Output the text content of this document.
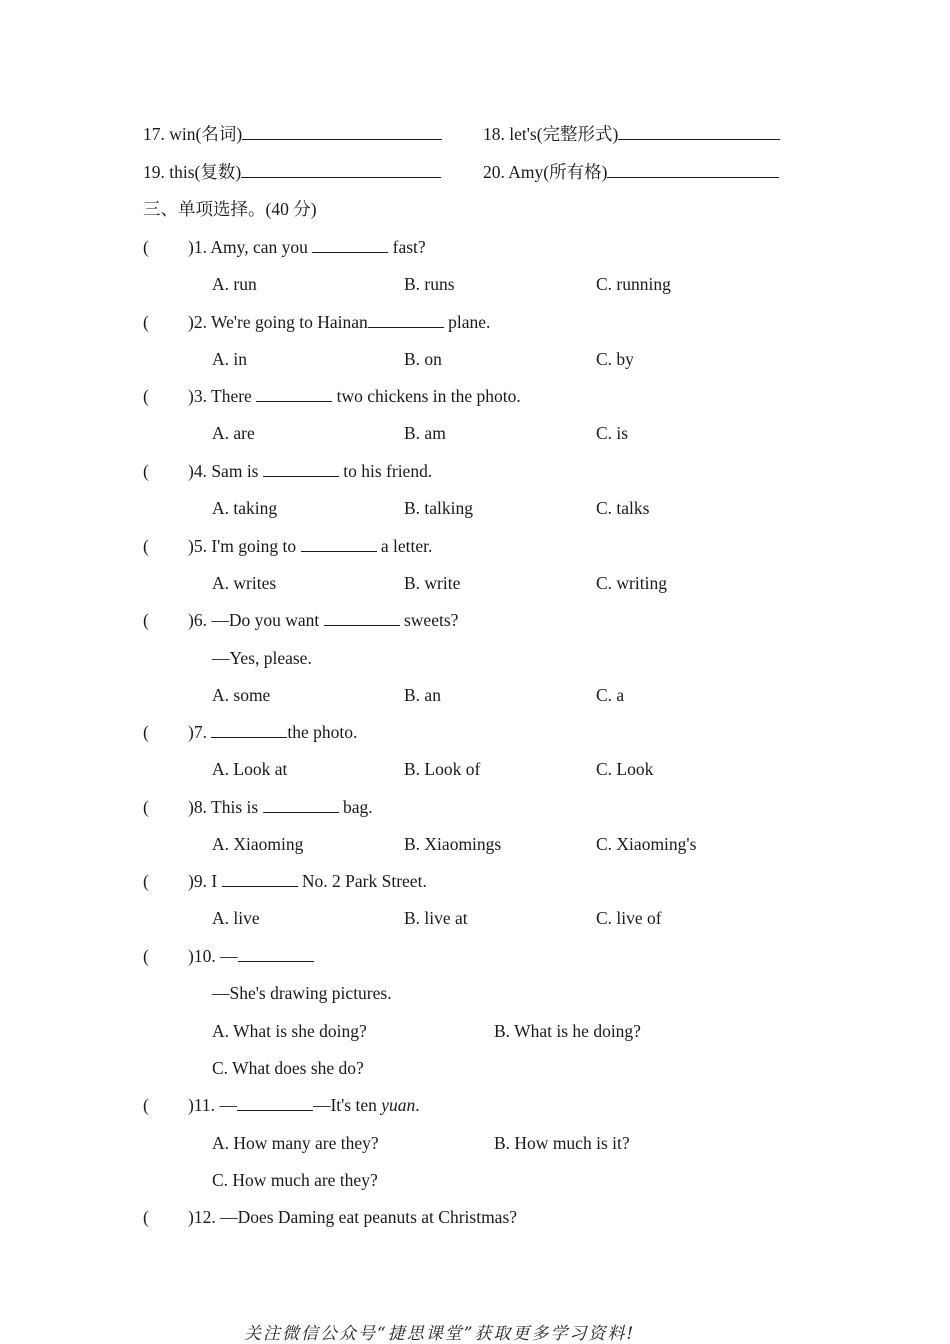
17. win(名词)	18. let's(完整形式)
19. this(复数)	20. Amy(所有格)
三、单项选择。(40 分)
( )1. Amy, can you	fast?
A. run	B. runs	C. running
( )2. We're going to Hainan	plane.
A. in	B. on	C. by
( )3. There	two chickens in the photo.
A. are	B. am	C. is
( )4. Sam is	to his friend.
A. taking	B. talking	C. talks
( )5. I'm going to	a letter.
A. writes	B. write	C. writing
( )6. —Do you want	sweets?
—Yes, please.
A. some	B. an	C. a
( )7.	the photo.
A. Look at	B. Look of	C. Look
( )8. This is	bag.
A. Xiaoming	B. Xiaomings	C. Xiaoming's
( )9. I	No. 2 Park Street.
A. live	B. live at	C. live of
( )10. —
—She's drawing pictures.
A. What is she doing?	B. What is he doing?
C. What does she do?
( )11. —	—It's ten yuan.
A. How many are they?	B. How much is it?
C. How much are they?
( )12. —Does Daming eat peanuts at Christmas?
关注微信公众号“捷思课堂”获取更多学习资料!
